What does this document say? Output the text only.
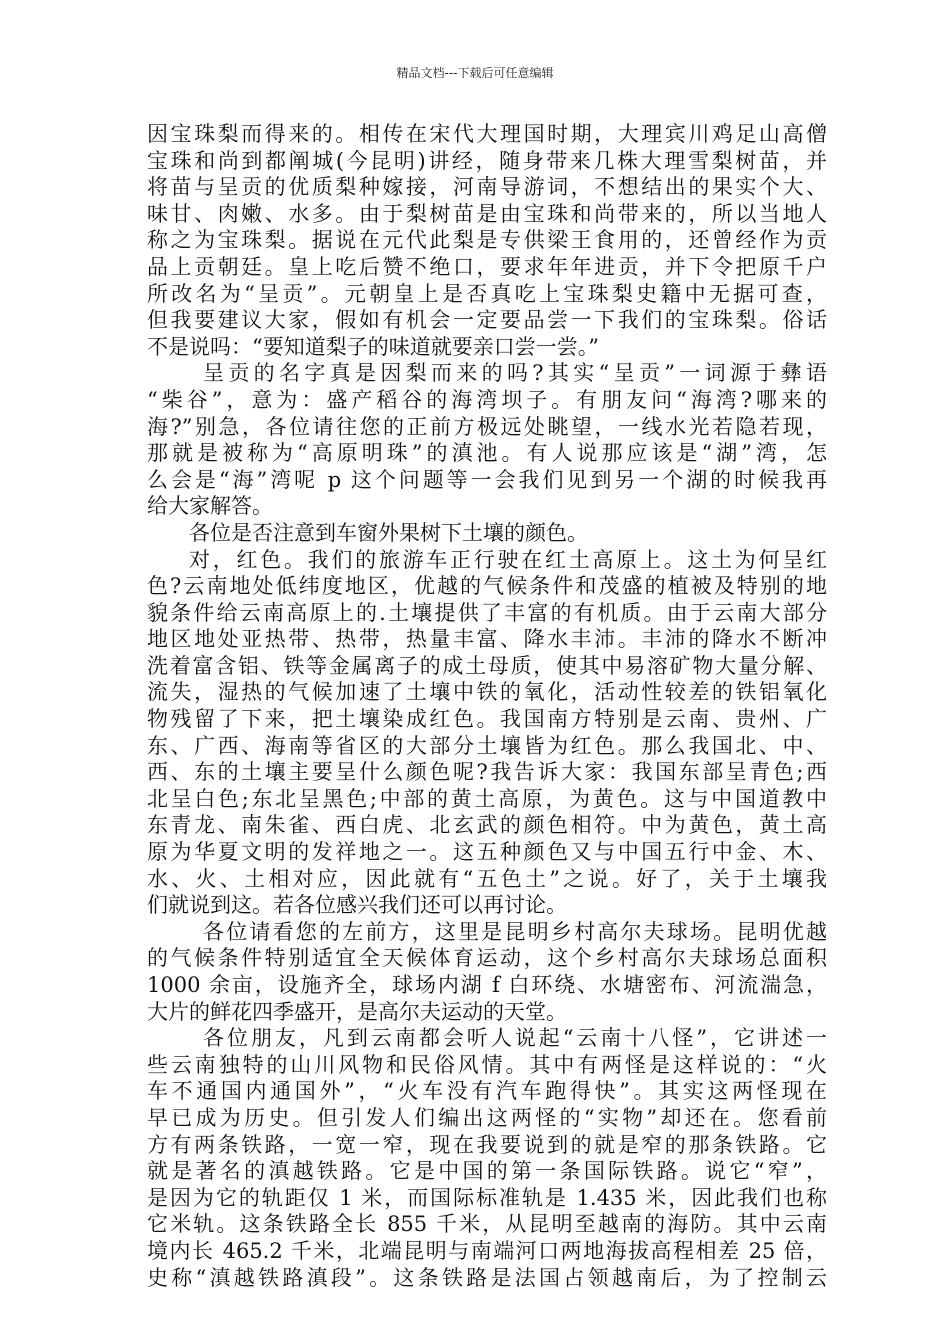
精品文档---下载后可任意编辑
因宝珠梨而得来的。相传在宋代大理国时期，大理宾川鸡足山高僧
宝珠和尚到都阐城(今昆明)讲经，随身带来几株大理雪梨树苗，并
将苗与呈贡的优质梨种嫁接，河南导游词，不想结出的果实个大、
味甘、肉嫩、水多。由于梨树苗是由宝珠和尚带来的，所以当地人
称之为宝珠梨。据说在元代此梨是专供梁王食用的，还曾经作为贡
品上贡朝廷。皇上吃后赞不绝口，要求年年进贡，并下令把原千户
所改名为“呈贡”。元朝皇上是否真吃上宝珠梨史籍中无据可查，
但我要建议大家，假如有机会一定要品尝一下我们的宝珠梨。俗话
不是说吗：“要知道梨子的味道就要亲口尝一尝。”
呈贡的名字真是因梨而来的吗?其实“呈贡”一词源于彝语
“柴谷”，意为：盛产稻谷的海湾坝子。有朋友问“海湾?哪来的
海?”别急，各位请往您的正前方极远处眺望，一线水光若隐若现，
那就是被称为“高原明珠”的滇池。有人说那应该是“湖”湾，怎
么会是“海”湾呢 p 这个问题等一会我们见到另一个湖的时候我再
给大家解答。
各位是否注意到车窗外果树下土壤的颜色。
对，红色。我们的旅游车正行驶在红土高原上。这土为何呈红
色?云南地处低纬度地区，优越的气候条件和茂盛的植被及特别的地
貌条件给云南高原上的.土壤提供了丰富的有机质。由于云南大部分
地区地处亚热带、热带，热量丰富、降水丰沛。丰沛的降水不断冲
洗着富含铝、铁等金属离子的成土母质，使其中易溶矿物大量分解、
流失，湿热的气候加速了土壤中铁的氧化，活动性较差的铁铝氧化
物残留了下来，把土壤染成红色。我国南方特别是云南、贵州、广
东、广西、海南等省区的大部分土壤皆为红色。那么我国北、中、
西、东的土壤主要呈什么颜色呢?我告诉大家：我国东部呈青色;西
北呈白色;东北呈黑色;中部的黄土高原，为黄色。这与中国道教中
东青龙、南朱雀、西白虎、北玄武的颜色相符。中为黄色，黄土高
原为华夏文明的发祥地之一。这五种颜色又与中国五行中金、木、
水、火、土相对应，因此就有“五色土”之说。好了，关于土壤我
们就说到这。若各位感兴我们还可以再讨论。
各位请看您的左前方，这里是昆明乡村高尔夫球场。昆明优越
的气候条件特别适宜全天候体育运动，这个乡村高尔夫球场总面积
1000 余亩，设施齐全，球场内湖 f 白环绕、水塘密布、河流湍急，
大片的鲜花四季盛开，是高尔夫运动的天堂。
各位朋友，凡到云南都会听人说起“云南十八怪”，它讲述一
些云南独特的山川风物和民俗风情。其中有两怪是这样说的：“火
车不通国内通国外”，“火车没有汽车跑得快”。其实这两怪现在
早已成为历史。但引发人们编出这两怪的“实物”却还在。您看前
方有两条铁路，一宽一窄，现在我要说到的就是窄的那条铁路。它
就是著名的滇越铁路。它是中国的第一条国际铁路。说它“窄”，
是因为它的轨距仅 1 米，而国际标准轨是 1.435 米，因此我们也称
它米轨。这条铁路全长 855 千米，从昆明至越南的海防。其中云南
境内长 465.2 千米，北端昆明与南端河口两地海拔高程相差 25 倍，
史称“滇越铁路滇段”。这条铁路是法国占领越南后，为了控制云
